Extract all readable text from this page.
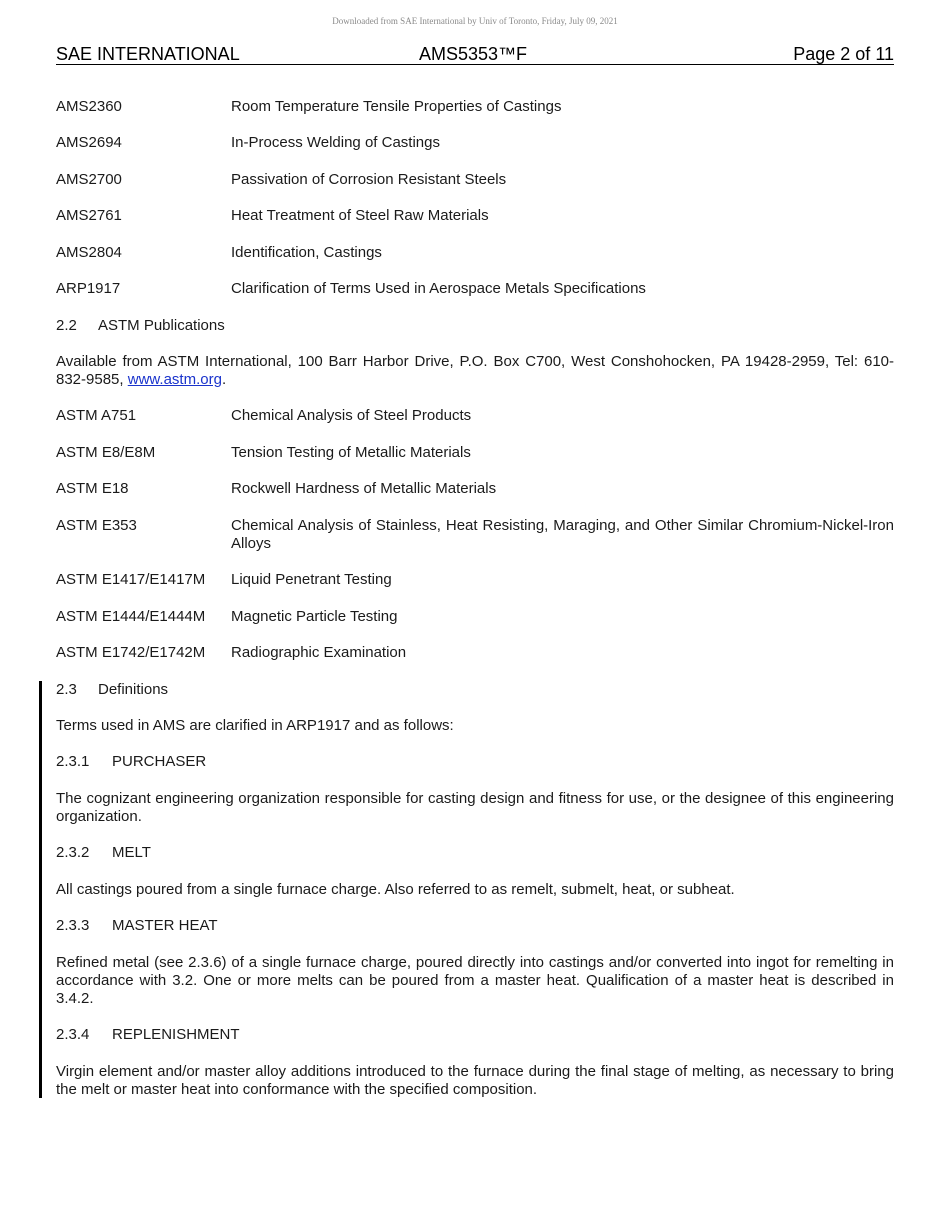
Downloaded from SAE International by Univ of Toronto, Friday, July 09, 2021
SAE INTERNATIONAL	AMS5353™F	Page 2 of 11
AMS2360	Room Temperature Tensile Properties of Castings
AMS2694	In-Process Welding of Castings
AMS2700	Passivation of Corrosion Resistant Steels
AMS2761	Heat Treatment of Steel Raw Materials
AMS2804	Identification, Castings
ARP1917	Clarification of Terms Used in Aerospace Metals Specifications
2.2 ASTM Publications
Available from ASTM International, 100 Barr Harbor Drive, P.O. Box C700, West Conshohocken, PA 19428-2959, Tel: 610-832-9585, www.astm.org.
ASTM A751	Chemical Analysis of Steel Products
ASTM E8/E8M	Tension Testing of Metallic Materials
ASTM E18	Rockwell Hardness of Metallic Materials
ASTM E353	Chemical Analysis of Stainless, Heat Resisting, Maraging, and Other Similar Chromium-Nickel-Iron Alloys
ASTM E1417/E1417M	Liquid Penetrant Testing
ASTM E1444/E1444M	Magnetic Particle Testing
ASTM E1742/E1742M	Radiographic Examination
2.3 Definitions
Terms used in AMS are clarified in ARP1917 and as follows:
2.3.1 PURCHASER
The cognizant engineering organization responsible for casting design and fitness for use, or the designee of this engineering organization.
2.3.2 MELT
All castings poured from a single furnace charge. Also referred to as remelt, submelt, heat, or subheat.
2.3.3 MASTER HEAT
Refined metal (see 2.3.6) of a single furnace charge, poured directly into castings and/or converted into ingot for remelting in accordance with 3.2. One or more melts can be poured from a master heat. Qualification of a master heat is described in 3.4.2.
2.3.4 REPLENISHMENT
Virgin element and/or master alloy additions introduced to the furnace during the final stage of melting, as necessary to bring the melt or master heat into conformance with the specified composition.
